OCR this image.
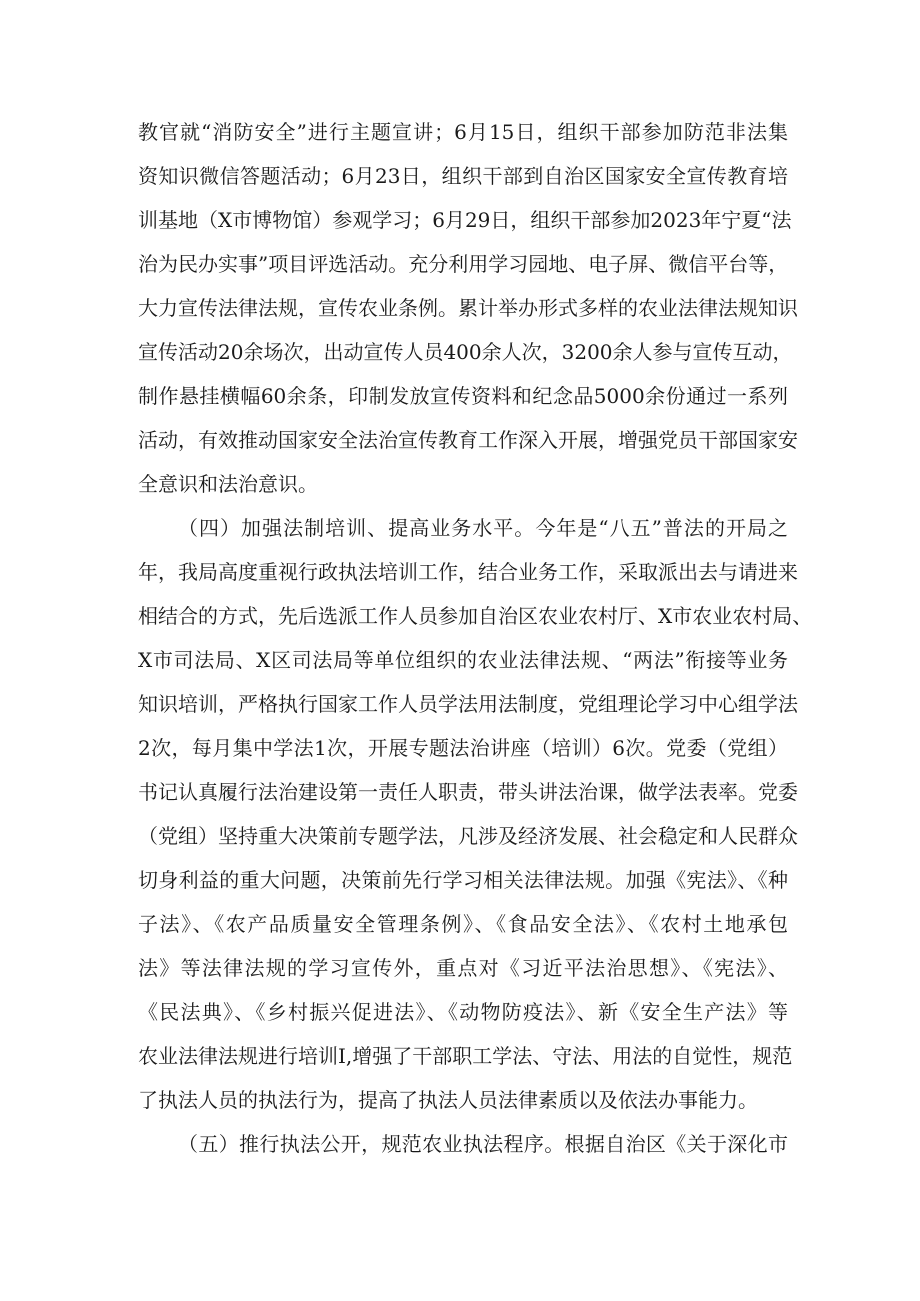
教官就“消防安全”进行主题宣讲；6月15日，组织干部参加防范非法集
资知识微信答题活动；6月23日，组织干部到自治区国家安全宣传教育培
训基地（X市博物馆）参观学习；6月29日，组织干部参加2023年宁夏“法
治为民办实事”项目评选活动。充分利用学习园地、电子屏、微信平台等，
大力宣传法律法规，宣传农业条例。累计举办形式多样的农业法律法规知识
宣传活动20余场次，出动宣传人员400余人次，3200余人参与宣传互动，
制作悬挂横幅60余条，印制发放宣传资料和纪念品5000余份通过一系列
活动，有效推动国家安全法治宣传教育工作深入开展，增强党员干部国家安
全意识和法治意识。
（四）加强法制培训、提高业务水平。今年是“八五”普法的开局之
年，我局高度重视行政执法培训工作，结合业务工作，采取派出去与请进来
相结合的方式，先后选派工作人员参加自治区农业农村厅、X市农业农村局、
X市司法局、X区司法局等单位组织的农业法律法规、“两法”衔接等业务
知识培训，严格执行国家工作人员学法用法制度，党组理论学习中心组学法
2次，每月集中学法1次，开展专题法治讲座（培训）6次。党委（党组）
书记认真履行法治建设第一责任人职责，带头讲法治课，做学法表率。党委
（党组）坚持重大决策前专题学法，凡涉及经济发展、社会稳定和人民群众
切身利益的重大问题，决策前先行学习相关法律法规。加强《宪法》、《种
子法》、《农产品质量安全管理条例》、《食品安全法》、《农村土地承包
法》等法律法规的学习宣传外，重点对《习近平法治思想》、《宪法》、
《民法典》、《乡村振兴促进法》、《动物防疫法》、新《安全生产法》等
农业法律法规进行培训I,增强了干部职工学法、守法、用法的自觉性，规范
了执法人员的执法行为，提高了执法人员法律素质以及依法办事能力。
（五）推行执法公开，规范农业执法程序。根据自治区《关于深化市
